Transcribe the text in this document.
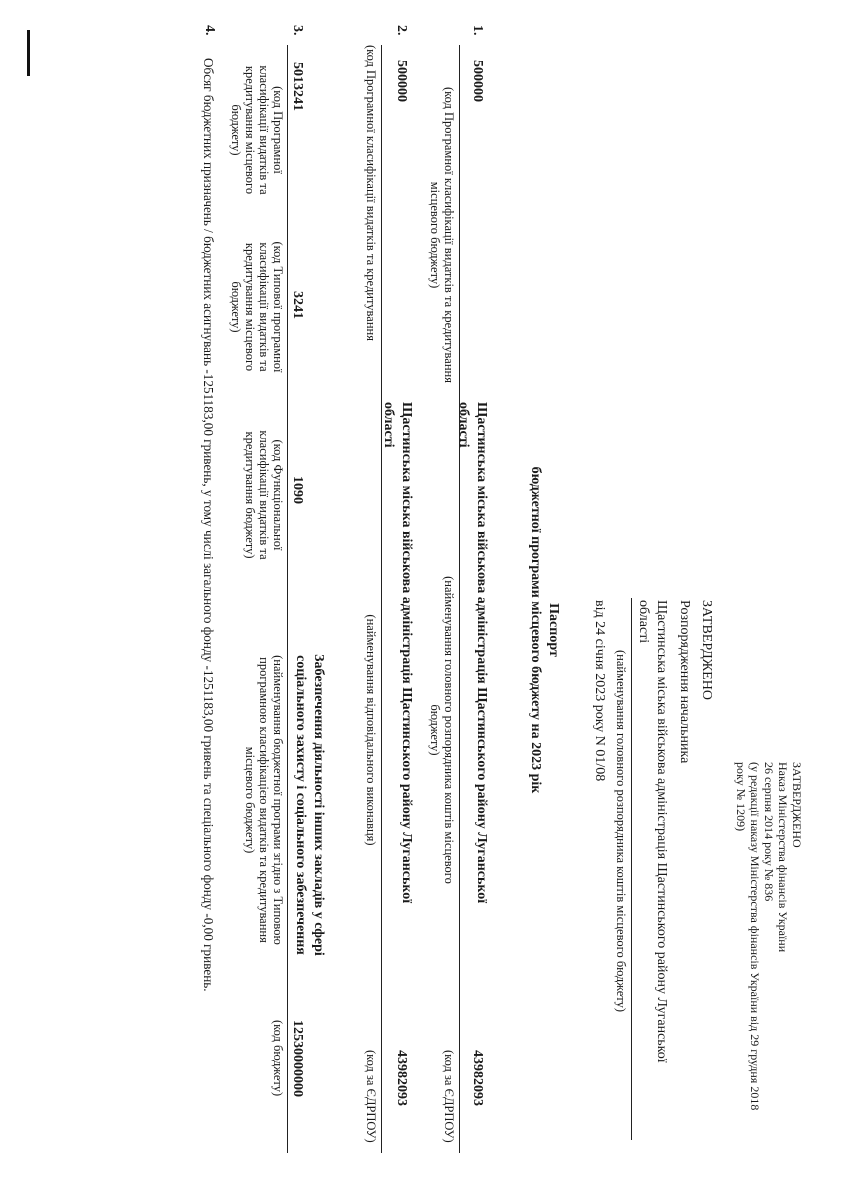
ЗАТВЕРДЖЕНО
Наказ Міністерства фінансів України
26 серпня 2014 року № 836
(у редакції наказу Міністерства фінансів України від 29 грудня 2018
року № 1209)
ЗАТВЕРДЖЕНО
Розпорядження начальника
Щастинська міська військова адміністрація Щастинського району Луганської
області
(найменування головного розпорядника коштів місцевого бюджету)
від 24 січня 2023 року N 01/08
Паспорт
бюджетної програми місцевого бюджету на 2023 рік
1.
500000
Щастинська міська військова адміністрація Щастинського району Луганської
області
43982093
(код Програмної класифікації видатків та кредитування
місцевого бюджету)
(найменування головного розпорядника коштів місцевого
бюджету)
(код за ЄДРПОУ)
2.
500000
Щастинська міська військова адміністрація Щастинського району Луганської
області
43982093
(код Програмної класифікації видатків та кредитування
(найменування відповідального виконавця)
(код за ЄДРПОУ)
3.
5013241
3241
1090
Забезпечення діяльності інших закладів у сфері
соціального захисту і соціального забезпечення
12530000000
(код Програмної
класифікації видатків та
кредитування місцевого
бюджету)
(код Типової програмної
класифікації видатків та
кредитування місцевого
бюджету)
(код Функціональної
класифікації видатків та
кредитування бюджету)
(найменування бюджетної програми згідно з Типовою
програмною класифікацією видатків та кредитування
місцевого бюджету)
(код бюджету)
4.
Обсяг бюджетних призначень / бюджетних асигнувань -1251183,00 гривень, у тому числі загального фонду -1251183,00 гривень та спеціального фонду -0,00 гривень.
